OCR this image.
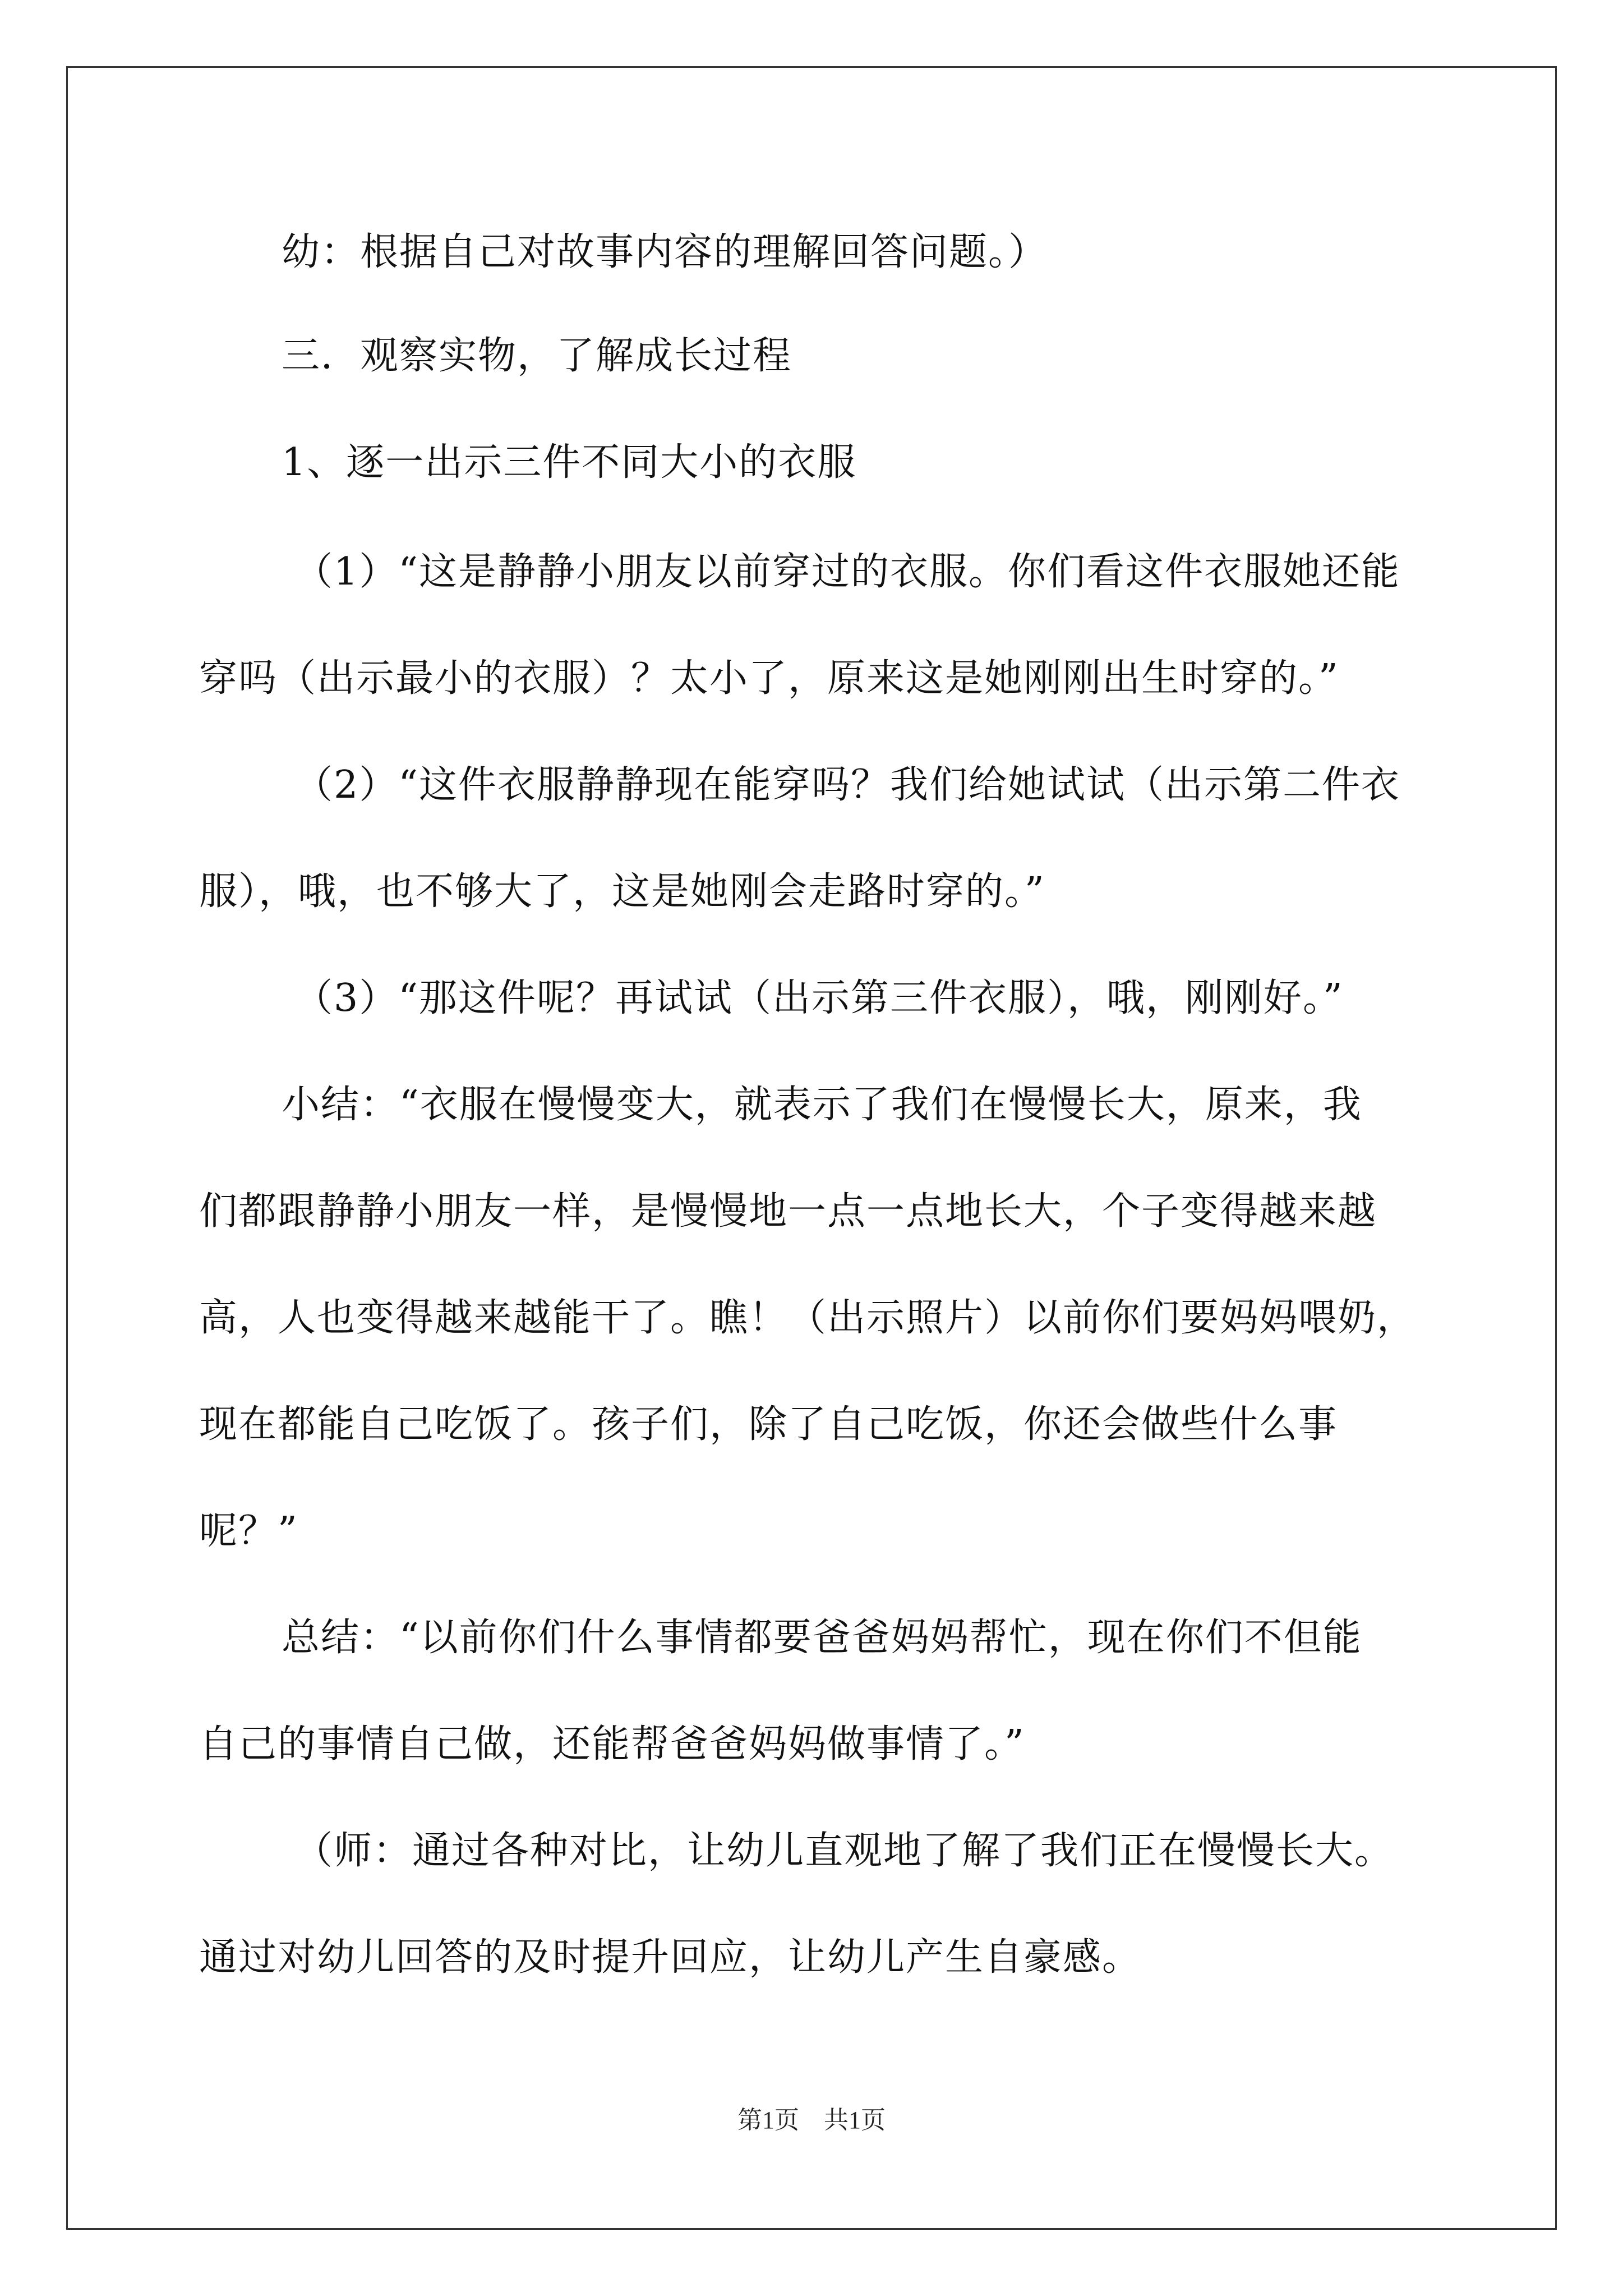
幼：根据自己对故事内容的理解回答问题。）
三．观察实物，了解成长过程
1、逐一出示三件不同大小的衣服
（1）“这是静静小朋友以前穿过的衣服。你们看这件衣服她还能
穿吗（出示最小的衣服）？太小了，原来这是她刚刚出生时穿的。”
（2）“这件衣服静静现在能穿吗？我们给她试试（出示第二件衣
服），哦，也不够大了，这是她刚会走路时穿的。”
（3）“那这件呢？再试试（出示第三件衣服），哦，刚刚好。”
小结：“衣服在慢慢变大，就表示了我们在慢慢长大，原来，我
们都跟静静小朋友一样，是慢慢地一点一点地长大，个子变得越来越
高，人也变得越来越能干了。瞧！（出示照片）以前你们要妈妈喂奶，
现在都能自己吃饭了。孩子们，除了自己吃饭，你还会做些什么事
呢？”
总结：“以前你们什么事情都要爸爸妈妈帮忙，现在你们不但能
自己的事情自己做，还能帮爸爸妈妈做事情了。”
（师：通过各种对比，让幼儿直观地了解了我们正在慢慢长大。
通过对幼儿回答的及时提升回应，让幼儿产生自豪感。
第1页　共1页
